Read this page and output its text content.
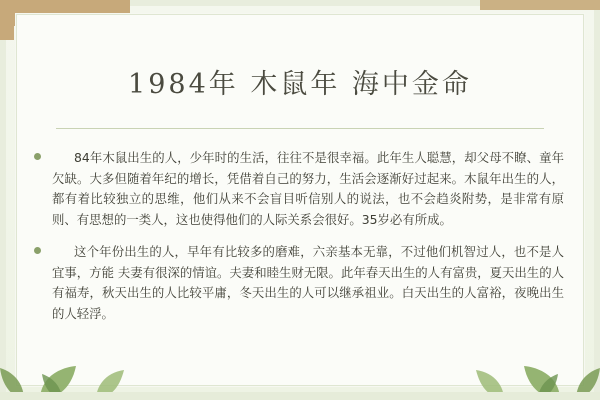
1984年 木鼠年 海中金命
84年木鼠出生的人，少年时的生活，往往不是很幸福。此年生人聪慧，却父母不瞭、童年欠缺。大多但随着年纪的增长，凭借着自己的努力，生活会逐渐好过起来。木鼠年出生的人，都有着比较独立的思维，他们从来不会盲目听信别人的说法，也不会趋炎附势，是非常有原则、有思想的一类人，这也使得他们的人际关系会很好。35岁必有所成。
这个年份出生的人，早年有比较多的磨难，六亲基本无靠，不过他们机智过人，也不是人宜事，方能 夫妻有很深的情谊。夫妻和睦生财无限。此年春天出生的人有富贵，夏天出生的人有福寿，秋天出生的人比较平庸，冬天出生的人可以继承祖业。白天出生的人富裕，夜晚出生的人轻浮。
